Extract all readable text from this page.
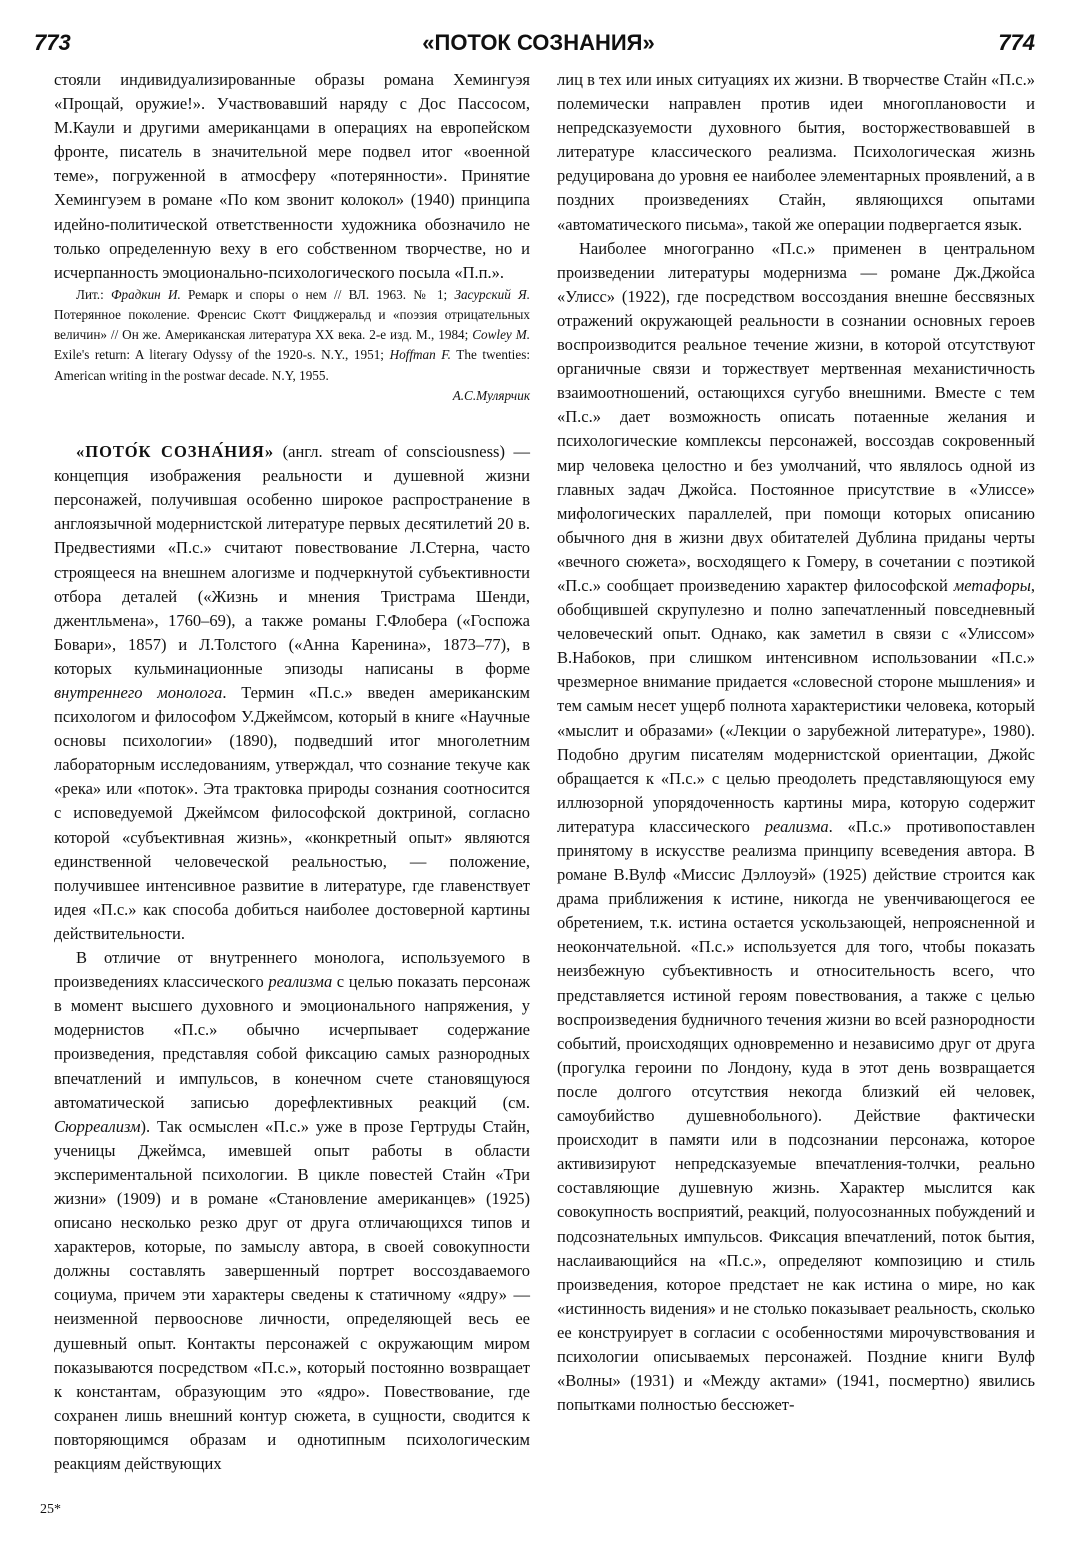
773	«ПОТОК СОЗНАНИЯ»	774

стояли индивидуализированные образы романа Хемингуэя «Прощай, оружие!». Участвовавший наряду с Дос Пассосом, М.Каули и другими американцами в операциях на европейском фронте, писатель в значительной мере подвел итог «военной теме», погруженной в атмосферу «потерянности». Принятие Хемингуэем в романе «По ком звонит колокол» (1940) принципа идейно-политической ответственности художника обозначило не только определенную веху в его собственном творчестве, но и исчерпанность эмоционально-психологического посыла «П.п.».

Лит.: Фрадкин И. Ремарк и споры о нем // ВЛ. 1963. № 1; Засурский Я. Потерянное поколение. Френсис Скотт Фицджеральд и «поэзия отрицательных величин» // Он же. Американская литература XX века. 2-е изд. М., 1984; Cowley M. Exile's return: A literary Odyssy of the 1920-s. N.Y., 1951; Hoffman F. The twenties: American writing in the postwar decade. N.Y, 1955.
А.С.Мулярчик

«ПОТО́К СОЗНА́НИЯ» (англ. stream of consciousness) — концепция изображения реальности и душевной жизни персонажей, получившая особенно широкое распространение в англоязычной модернистской литературе первых десятилетий 20 в. Предвестиями «П.с.» считают повествование Л.Стерна, часто строящееся на внешнем алогизме и подчеркнутой субъективности отбора деталей («Жизнь и мнения Тристрама Шенди, джентльмена», 1760–69), а также романы Г.Флобера («Госпожа Бовари», 1857) и Л.Толстого («Анна Каренина», 1873–77), в которых кульминационные эпизоды написаны в форме внутреннего монолога. Термин «П.с.» введен американским психологом и философом У.Джеймсом, который в книге «Научные основы психологии» (1890), подведший итог многолетним лабораторным исследованиям, утверждал, что сознание текуче как «река» или «поток». Эта трактовка природы сознания соотносится с исповедуемой Джеймсом философской доктриной, согласно которой «субъективная жизнь», «конкретный опыт» являются единственной человеческой реальностью, — положение, получившее интенсивное развитие в литературе, где главенствует идея «П.с.» как способа добиться наиболее достоверной картины действительности.

В отличие от внутреннего монолога, используемого в произведениях классического реализма с целью показать персонаж в момент высшего духовного и эмоционального напряжения, у модернистов «П.с.» обычно исчерпывает содержание произведения, представляя собой фиксацию самых разнородных впечатлений и импульсов, в конечном счете становящуюся автоматической записью дорефлективных реакций (см. Сюрреализм). Так осмыслен «П.с.» уже в прозе Гертруды Стайн, ученицы Джеймса, имевшей опыт работы в области экспериментальной психологии. В цикле повестей Стайн «Три жизни» (1909) и в романе «Становление американцев» (1925) описано несколько резко друг от друга отличающихся типов и характеров, которые, по замыслу автора, в своей совокупности должны составлять завершенный портрет воссоздаваемого социума, причем эти характеры сведены к статичному «ядру» — неизменной первооснове личности, определяющей весь ее душевный опыт. Контакты персонажей с окружающим миром показываются посредством «П.с.», который постоянно возвращает к константам, образующим это «ядро». Повествование, где сохранен лишь внешний контур сюжета, в сущности, сводится к повторяющимся образам и однотипным психологическим реакциям действующих

лиц в тех или иных ситуациях их жизни. В творчестве Стайн «П.с.» полемически направлен против идеи многоплановости и непредсказуемости духовного бытия, восторжествовавшей в литературе классического реализма. Психологическая жизнь редуцирована до уровня ее наиболее элементарных проявлений, а в поздних произведениях Стайн, являющихся опытами «автоматического письма», такой же операции подвергается язык.

Наиболее многогранно «П.с.» применен в центральном произведении литературы модернизма — романе Дж.Джойса «Улисс» (1922), где посредством воссоздания внешне бессвязных отражений окружающей реальности в сознании основных героев воспроизводится реальное течение жизни, в которой отсутствуют органичные связи и торжествует мертвенная механистичность взаимоотношений, остающихся сугубо внешними. Вместе с тем «П.с.» дает возможность описать потаенные желания и психологические комплексы персонажей, воссоздав сокровенный мир человека целостно и без умолчаний, что являлось одной из главных задач Джойса. Постоянное присутствие в «Улиссе» мифологических параллелей, при помощи которых описанию обычного дня в жизни двух обитателей Дублина приданы черты «вечного сюжета», восходящего к Гомеру, в сочетании с поэтикой «П.с.» сообщает произведению характер философской метафоры, обобщившей скрупулезно и полно запечатленный повседневный человеческий опыт. Однако, как заметил в связи с «Улиссом» В.Набоков, при слишком интенсивном использовании «П.с.» чрезмерное внимание придается «словесной стороне мышления» и тем самым несет ущерб полнота характеристики человека, который «мыслит и образами» («Лекции о зарубежной литературе», 1980). Подобно другим писателям модернистской ориентации, Джойс обращается к «П.с.» с целью преодолеть представляющуюся ему иллюзорной упорядоченность картины мира, которую содержит литература классического реализма. «П.с.» противопоставлен принятому в искусстве реализма принципу всеведения автора. В романе В.Вулф «Миссис Дэллоуэй» (1925) действие строится как драма приближения к истине, никогда не увенчивающегося ее обретением, т.к. истина остается ускользающей, непроясненной и неокончательной. «П.с.» используется для того, чтобы показать неизбежную субъективность и относительность всего, что представляется истиной героям повествования, а также с целью воспроизведения будничного течения жизни во всей разнородности событий, происходящих одновременно и независимо друг от друга (прогулка героини по Лондону, куда в этот день возвращается после долгого отсутствия некогда близкий ей человек, самоубийство душевнобольного). Действие фактически происходит в памяти или в подсознании персонажа, которое активизируют непредсказуемые впечатления-толчки, реально составляющие душевную жизнь. Характер мыслится как совокупность восприятий, реакций, полуосознанных побуждений и подсознательных импульсов. Фиксация впечатлений, поток бытия, наслаивающийся на «П.с.», определяют композицию и стиль произведения, которое предстает не как истина о мире, но как «истинность видения» и не столько показывает реальность, сколько ее конструирует в согласии с особенностями мирочувствования и психологии описываемых персонажей. Поздние книги Вулф «Волны» (1931) и «Между актами» (1941, посмертно) явились попытками полностью бессюжет-

25*
